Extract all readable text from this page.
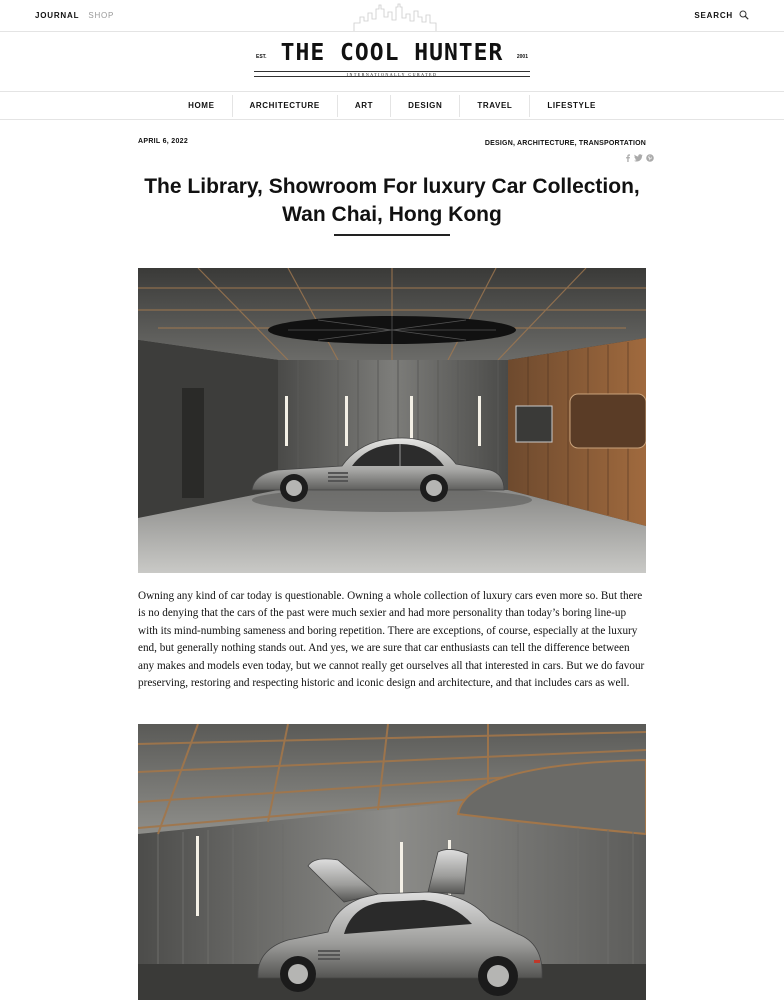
JOURNAL SHOP	SEARCH
EST. THE COOL HUNTER	2001
INTERNATIONALLY CURATED
HOME	ARCHITECTURE	ART	DESIGN	TRAVEL	LIFESTYLE
APRIL 6, 2022	DESIGN, ARCHITECTURE, TRANSPORTATION
The Library, Showroom For luxury Car Collection,
Wan Chai, Hong Kong

Owning any kind of car today is questionable. Owning a whole collection of luxury cars even more so. But there is no denying that the cars of the past were much sexier and had more personality than today’s boring line-up with its mind-numbing sameness and boring repetition. There are exceptions, of course, especially at the luxury end, but generally nothing stands out. And yes, we are sure that car enthusiasts can tell the difference between any makes and models even today, but we cannot really get ourselves all that interested in cars. But we do favour preserving, restoring and respecting historic and iconic design and architecture, and that includes cars as well.
